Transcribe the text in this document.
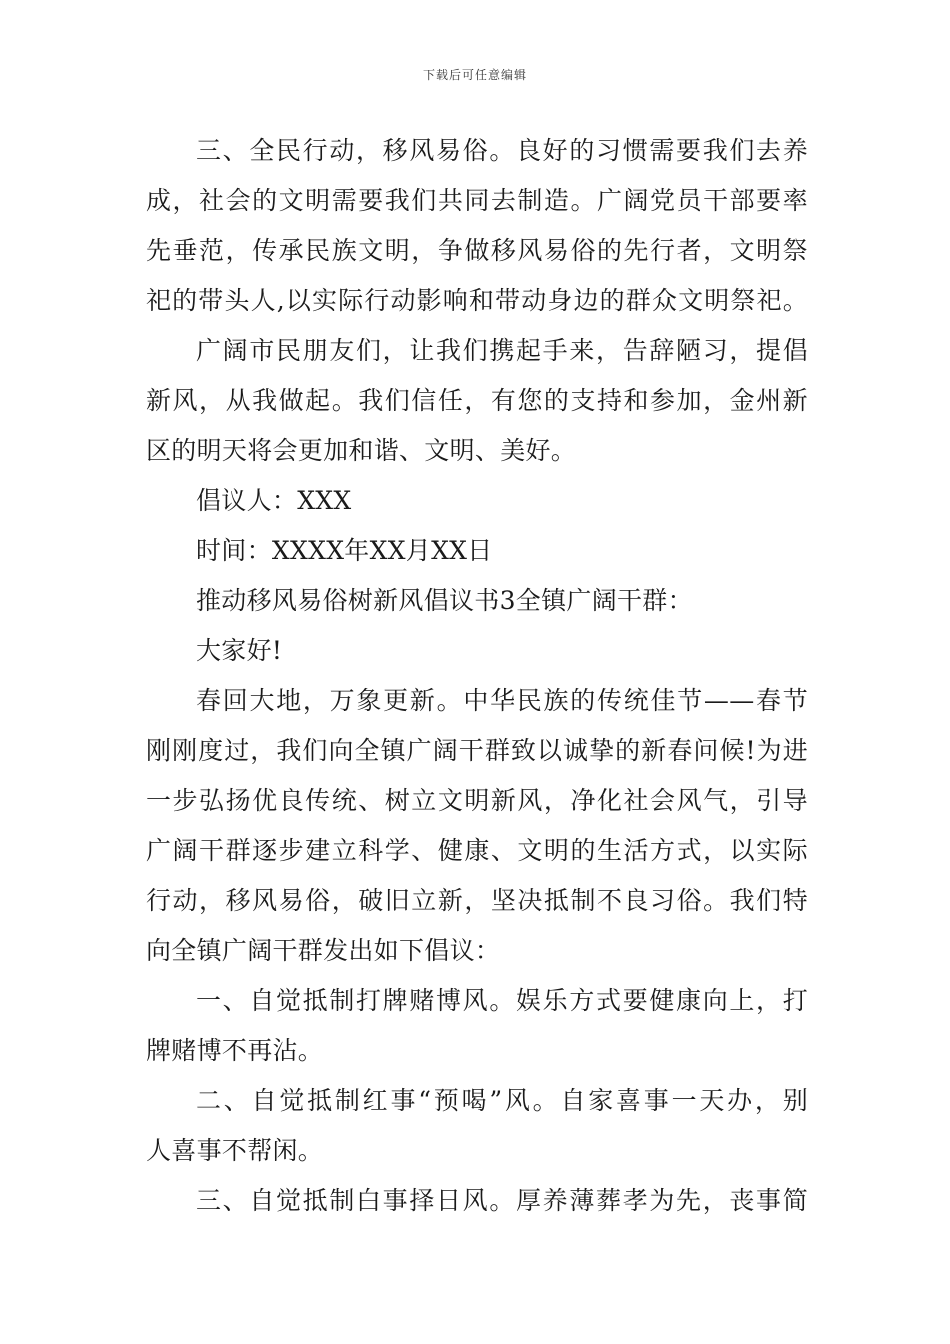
下载后可任意编辑
三、全民行动，移风易俗。良好的习惯需要我们去养
成，社会的文明需要我们共同去制造。广阔党员干部要率
先垂范，传承民族文明，争做移风易俗的先行者，文明祭
祀的带头人,以实际行动影响和带动身边的群众文明祭祀。
广阔市民朋友们，让我们携起手来，告辞陋习，提倡
新风，从我做起。我们信任，有您的支持和参加，金州新
区的明天将会更加和谐、文明、美好。
倡议人：XXX
时间：XXXX年XX月XX日
推动移风易俗树新风倡议书3全镇广阔干群：
大家好!
春回大地，万象更新。中华民族的传统佳节——春节
刚刚度过，我们向全镇广阔干群致以诚挚的新春问候!为进
一步弘扬优良传统、树立文明新风，净化社会风气，引导
广阔干群逐步建立科学、健康、文明的生活方式，以实际
行动，移风易俗，破旧立新，坚决抵制不良习俗。我们特
向全镇广阔干群发出如下倡议：
一、自觉抵制打牌赌博风。娱乐方式要健康向上，打
牌赌博不再沾。
二、自觉抵制红事“预喝”风。自家喜事一天办，别
人喜事不帮闲。
三、自觉抵制白事择日风。厚养薄葬孝为先，丧事简
